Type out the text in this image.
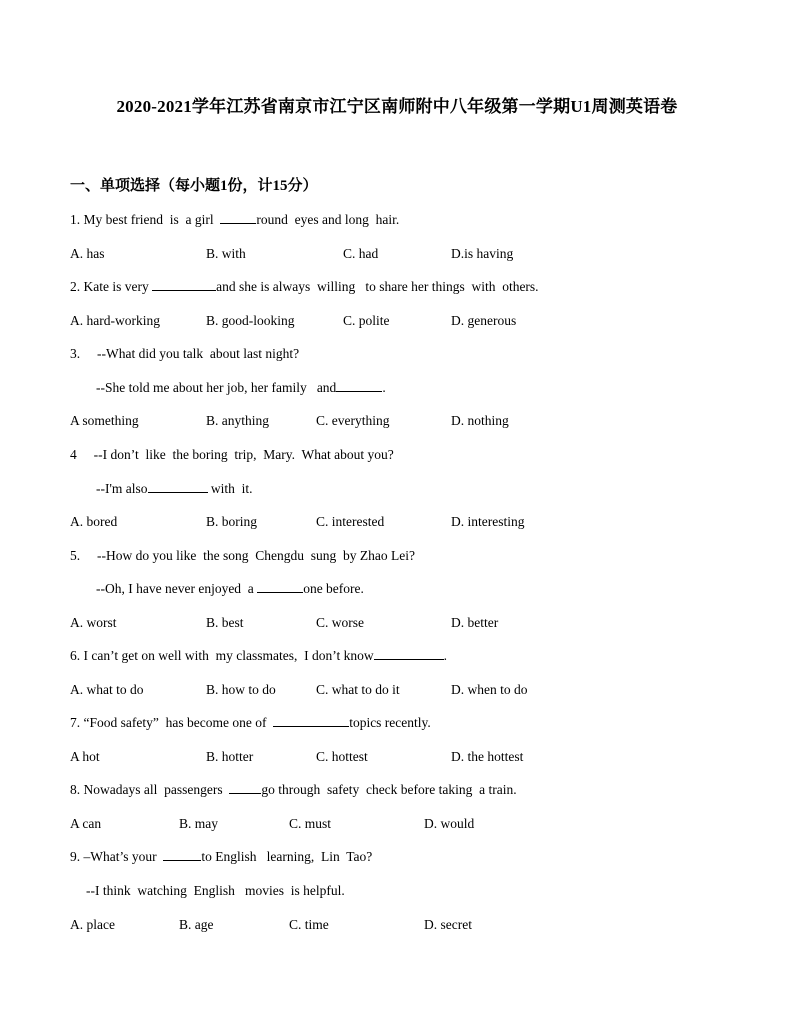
2020-2021学年江苏省南京市江宁区南师附中八年级第一学期U1周测英语卷
一、单项选择（每小题1份，计15分）
1. My best friend  is  a girl	round  eyes and long  hair.
A. has	B. with	C. had	D.is having
2. Kate is very	and she is always  willing   to share her things  with  others.
A. hard-working	B. good-looking	C. polite	D. generous
3.     --What did you talk  about last night?
--She told me about her job, her family   and	.
A something	B. anything	C. everything	D. nothing
4     --I don’t  like  the boring  trip,  Mary.  What about you?
--I'm also	with  it.
A. bored	B. boring	C. interested	D. interesting
5.     --How do you like  the song  Chengdu  sung  by Zhao Lei?
--Oh, I have never enjoyed  a	one before.
A. worst	B. best	C. worse	D. better
6. I can’t get on well with  my classmates,  I don’t know	.
A. what to do	B. how to do	C. what to do it	D. when to do
7. “Food safety”  has become one of	topics recently.
A hot	B. hotter	C. hottest	D. the hottest
8. Nowadays all  passengers  go through  safety  check before taking  a train.
A can	B. may	C. must	D. would
9. –What’s your	to English   learning,  Lin  Tao?
--I think  watching  English   movies  is helpful.
A. place	B. age	C. time	D. secret
